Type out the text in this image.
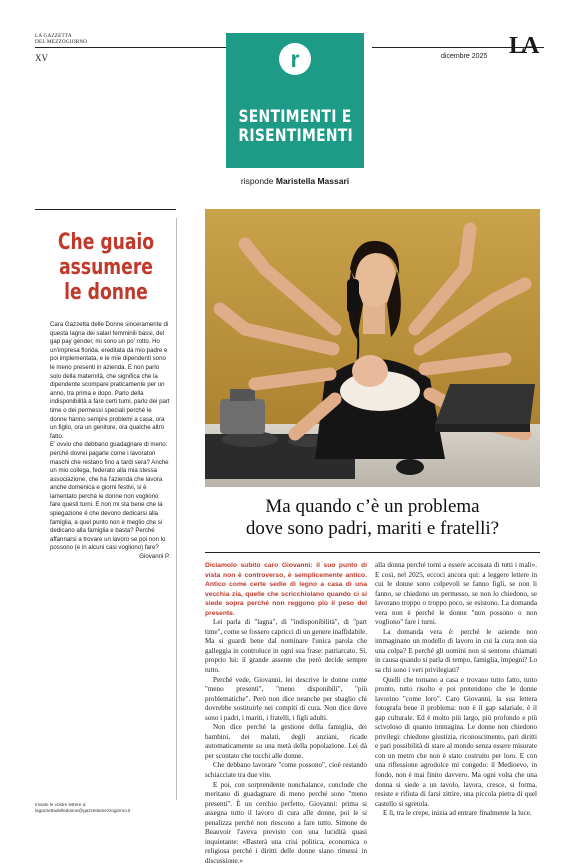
LA GAZZETTA
DEL MEZZOGIORNO
XV	dicembre 2025 LA
r
SENTIMENTI E
RISENTIMENTI
risponde Maristella Massari
Che guaio assumere le donne

Cara Gazzetta delle Donne sinceramente di questa lagna dei salari femminili bassi, del gap pay gender, mi sono un po' rotto. Ho un'impresa florida, ereditata da mio padre e poi implementata, e le mie dipendenti sono le meno presenti in azienda. E non parlo solo della maternità, che significa che la dipendente scompare praticamente per un anno, tra prima e dopo. Parlo della indisponibilità a fare certi turni, parlo dei part time o dei permessi speciali perché le donne hanno sempre problemi a casa, ora un figlio, ora un genitore, ora qualche altro fatto.

E' ovvio che debbano guadagnare di meno: perché dovrei pagarle come i lavoratori maschi che restano fino a tardi sera? Anche un mio collega, federato alla mia stessa associazione, che ha l'azienda che lavora anche domenica e giorni festivi, si è lamentato perché le donne non vogliono fare questi turni. E non mi sta bene che la spiegazione è che devono dedicarsi alla famiglia, a quel punto non è meglio che si dedicano alla famiglia e basta? Perché affannarsi a trovare un lavoro se poi non lo possono (e in alcuni casi vogliono) fare?

Giovanni P.

Inviate le vostre lettere a:
lagazzettadelledonne@gazzettamezzogiorno.it
Ma quando c’è un problema
dove sono padri, mariti e fratelli?

Diciamolo subito caro Giovanni: il suo punto di vista non è controverso, è semplicemente antico. Antico come certe sedie di legno a casa di una vecchia zia, quelle che scricchiolano quando ci si siede sopra perché non reggono più il peso del presente.

Lei parla di "lagna", di "indisponibilità", di "part time", come se fossero capricci di un genere inaffidabile. Ma si guardi bene dal nominare l'unica parola che galleggia in controluce in ogni sua frase: patriarcato. Si, proprio lui: il grande assente che però decide sempre tutto.

Perché vede, Giovanni, lei descrive le donne come "meno presenti", "meno disponibili", "più problematiche". Però non dice neanche per sbaglio chi dovrebbe sostituirle nei compiti di cura. Non dice dove sono i padri, i mariti, i fratelli, i figli adulti.

Non dice perché la gestione della famiglia, dei bambini, dei malati, degli anziani, ricade automaticamente su una metà della popolazione. Lei dà per scontato che tocchi alle donne.

Che debbano lavorare "come possono", cioè restando schiacciate tra due vite.

E poi, con sorprendente nonchalance, conclude che meritano di guadagnare di meno perché sono "meno presenti". È un cerchio perfetto, Giovanni: prima si assegna tutto il lavoro di cura alle donne, poi le si penalizza perché non riescono a fare tutto. Simone de Beauvoir l'aveva previsto con una lucidità quasi inquietante: «Basterà una crisi politica, economica o religiosa perché i diritti delle donne siano rimessi in discussione.»

alla donna perché torni a essere accusata di tutti i mali». E così, nel 2025, eccoci ancora qui: a leggere lettere in cui le donne sono colpevoli se fanno figli, se non li fanno, se chiedono un permesso, se non lo chiedono, se lavorano troppo o troppo poco, se esistono. La domanda vera non è perché le donne "non possono o non vogliono" fare i turni.

La domanda vera è: perché le aziende non immaginano un modello di lavoro in cui la cura non sia una colpa? E perché gli uomini non si sentono chiamati in causa quando si parla di tempo, famiglia, impegni? Lo sa chi sono i veri privilegiati?

Quelli che tornano a casa e trovano tutto fatto, tutto pronto, tutto risolto e poi pretendono che le donne lavorino "come loro". Caro Giovanni, la sua lettera fotografa bene il problema: non è il gap salariale, è il gap culturale. Ed è molto più largo, più profondo e più scivoloso di quanto immagina. Le donne non chiedono privilegi: chiedono giustizia, riconoscimento, pari diritti e pari possibilità di stare al mondo senza essere misurate con un metro che non è stato costruito per loro. E con una riflessione agrodolce mi congedo: il Medioevo, in fondo, non è mai finito davvero. Ma ogni volta che una donna si siede a un tavolo, lavora, cresce, si forma, resiste e rifiuta di farsi zittire, una piccola pietra di quel castello si sgretola.

E lì, tra le crepe, inizia ad entrare finalmente la luce.
